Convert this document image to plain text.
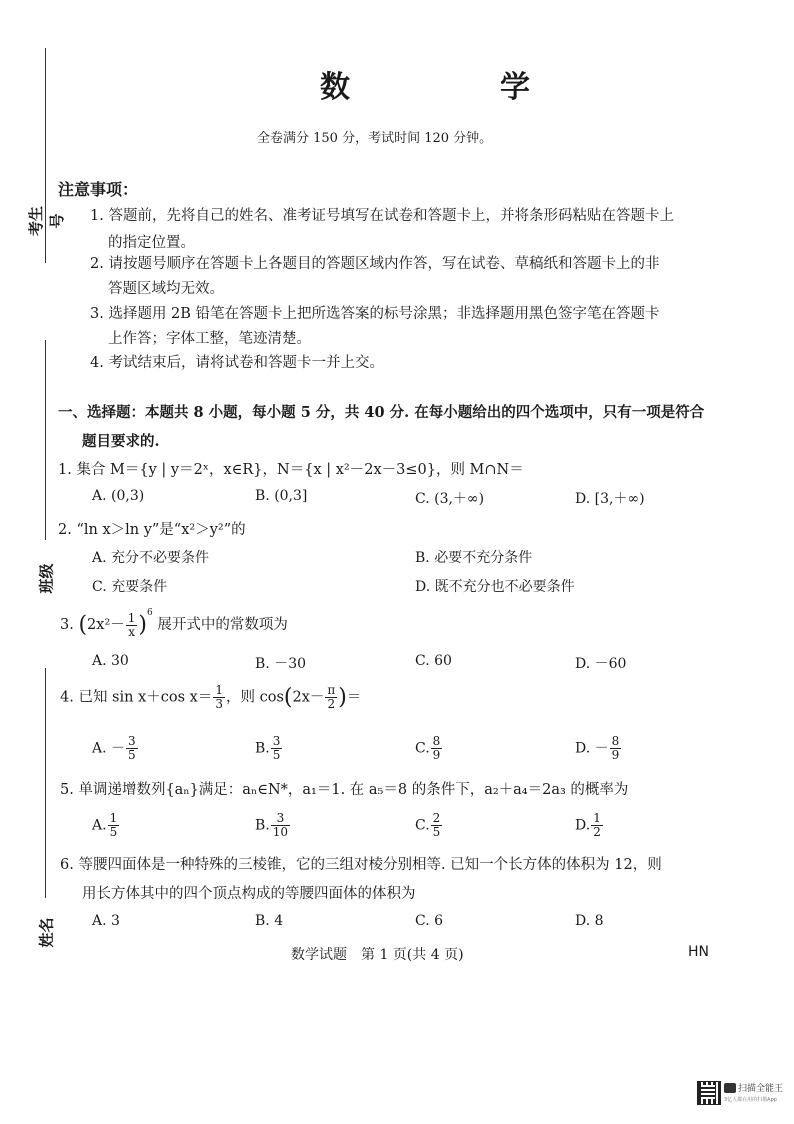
考生号
班级
姓名
数　学
全卷满分 150 分，考试时间 120 分钟。
注意事项：
1. 答题前，先将自己的姓名、准考证号填写在试卷和答题卡上，并将条形码粘贴在答题卡上
的指定位置。
2. 请按题号顺序在答题卡上各题目的答题区域内作答，写在试卷、草稿纸和答题卡上的非
答题区域均无效。
3. 选择题用 2B 铅笔在答题卡上把所选答案的标号涂黑；非选择题用黑色签字笔在答题卡
上作答；字体工整，笔迹清楚。
4. 考试结束后，请将试卷和答题卡一并上交。
一、选择题：本题共 8 小题，每小题 5 分，共 40 分. 在每小题给出的四个选项中，只有一项是符合
题目要求的.
1. 集合 M＝{y | y＝2ˣ，x∈R}，N＝{x | x²－2x－3≤0}，则 M∩N＝
A. (0,3)	B. (0,3]	C. (3,＋∞)	D. [3,＋∞)
2. “ln x＞ln y”是“x²＞y²”的
A. 充分不必要条件	B. 必要不充分条件
C. 充要条件	D. 既不充分也不必要条件
3. $(2x^2- \frac{1}{x} )^6$ 展开式中的常数项为
A. 30	B. －30	C. 60	D. －60
4. 已知 sin x＋cos $x= \frac{1}{3}$ ，则 $\cos(2x- \frac{\pi}{2}$ )＝
A. － $\frac{3}{5}$	B. $\frac{3}{5}$	C. $\frac{8}{9}$	D. － $\frac{8}{9}$
5. 单调递增数列{aₙ}满足：aₙ∈N*，a₁＝1. 在 a₅＝8 的条件下，a₂＋a₄＝2a₃ 的概率为
A. $\frac{1}{5}$	B. $\frac{3}{10}$	C. $\frac{2}{5}$	D. $\frac{1}{2}$
6. 等腰四面体是一种特殊的三棱锥，它的三组对棱分别相等. 已知一个长方体的体积为 12，则
用长方体其中的四个顶点构成的等腰四面体的体积为
A. 3	B. 4	C. 6	D. 8
数学试题　第 1 页(共 4 页)	HN
扫描全能王
3亿人都在用的扫描App
